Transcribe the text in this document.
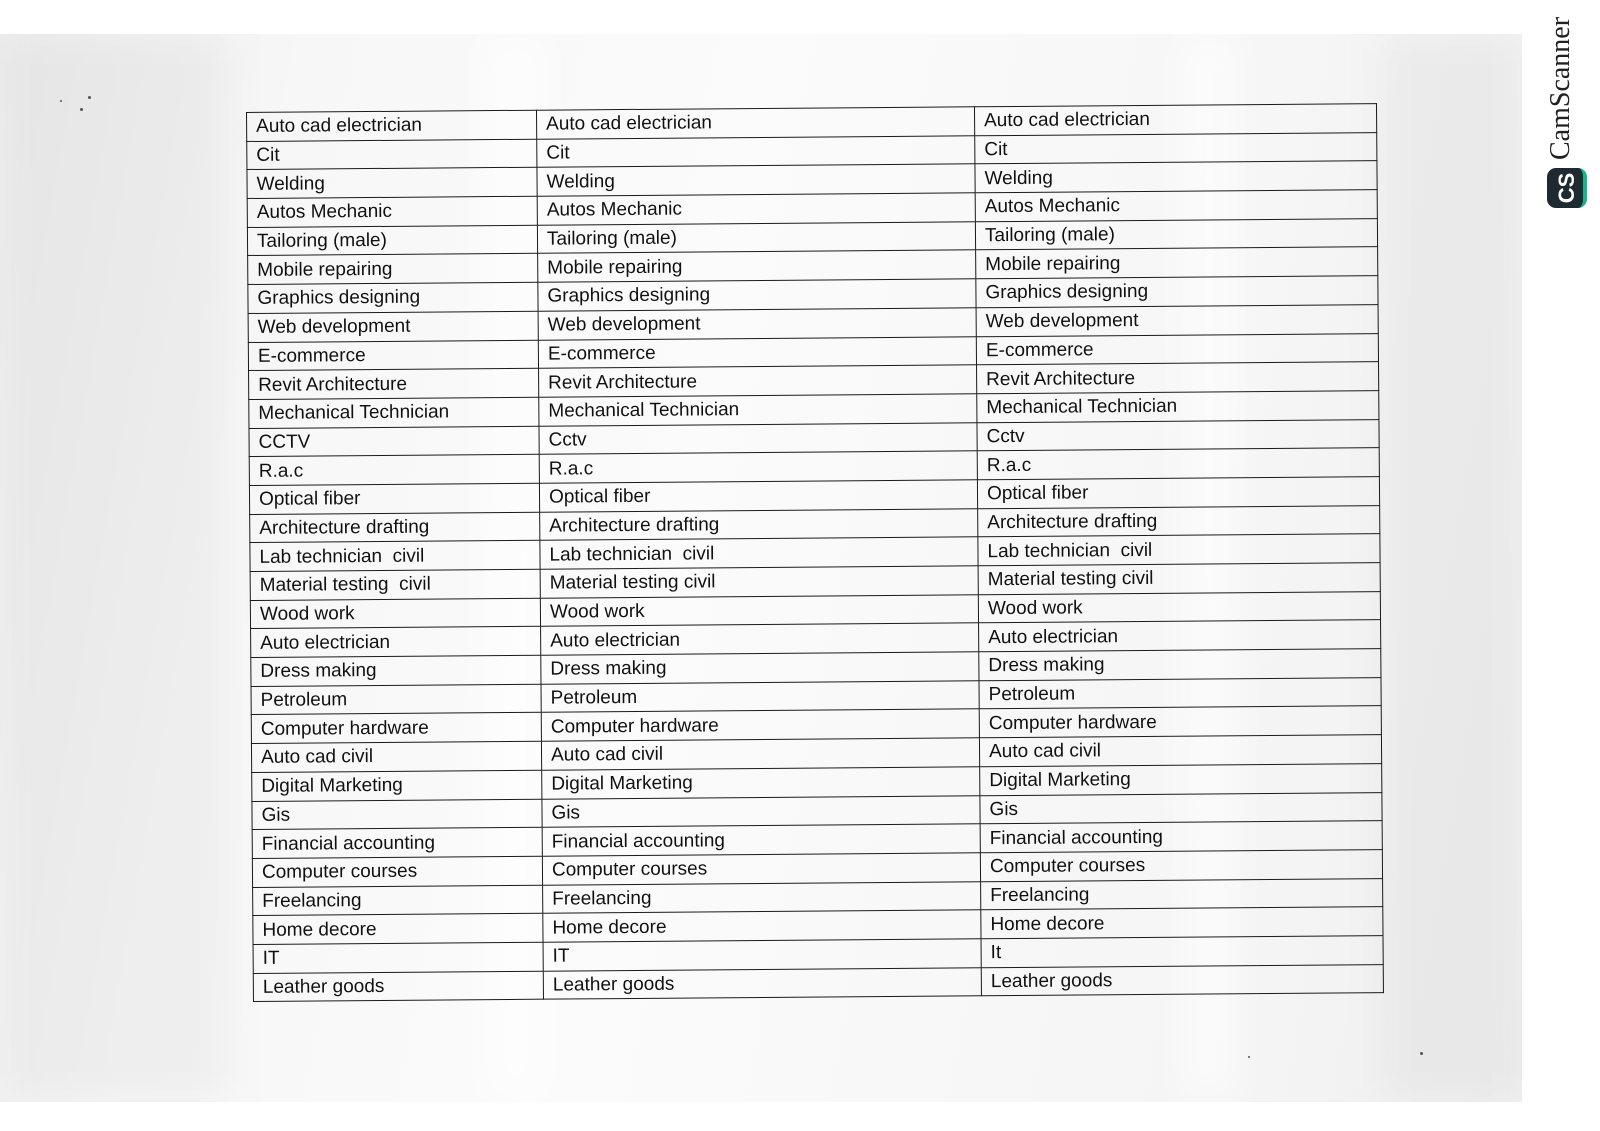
Auto cad electrician	Auto cad electrician	Auto cad electrician
Cit	Cit	Cit
Welding	Welding	Welding
Autos Mechanic	Autos Mechanic	Autos Mechanic
Tailoring (male)	Tailoring (male)	Tailoring (male)
Mobile repairing	Mobile repairing	Mobile repairing
Graphics designing	Graphics designing	Graphics designing
Web development	Web development	Web development
E-commerce	E-commerce	E-commerce
Revit Architecture	Revit Architecture	Revit Architecture
Mechanical Technician	Mechanical Technician	Mechanical Technician
CCTV	Cctv	Cctv
R.a.c	R.a.c	R.a.c
Optical fiber	Optical fiber	Optical fiber
Architecture drafting	Architecture drafting	Architecture drafting
Lab technician  civil	Lab technician  civil	Lab technician  civil
Material testing  civil	Material testing civil	Material testing civil
Wood work	Wood work	Wood work
Auto electrician	Auto electrician	Auto electrician
Dress making	Dress making	Dress making
Petroleum	Petroleum	Petroleum
Computer hardware	Computer hardware	Computer hardware
Auto cad civil	Auto cad civil	Auto cad civil
Digital Marketing	Digital Marketing	Digital Marketing
Gis	Gis	Gis
Financial accounting	Financial accounting	Financial accounting
Computer courses	Computer courses	Computer courses
Freelancing	Freelancing	Freelancing
Home decore	Home decore	Home decore
IT	IT	It
Leather goods	Leather goods	Leather goods
CamScanner
CS
